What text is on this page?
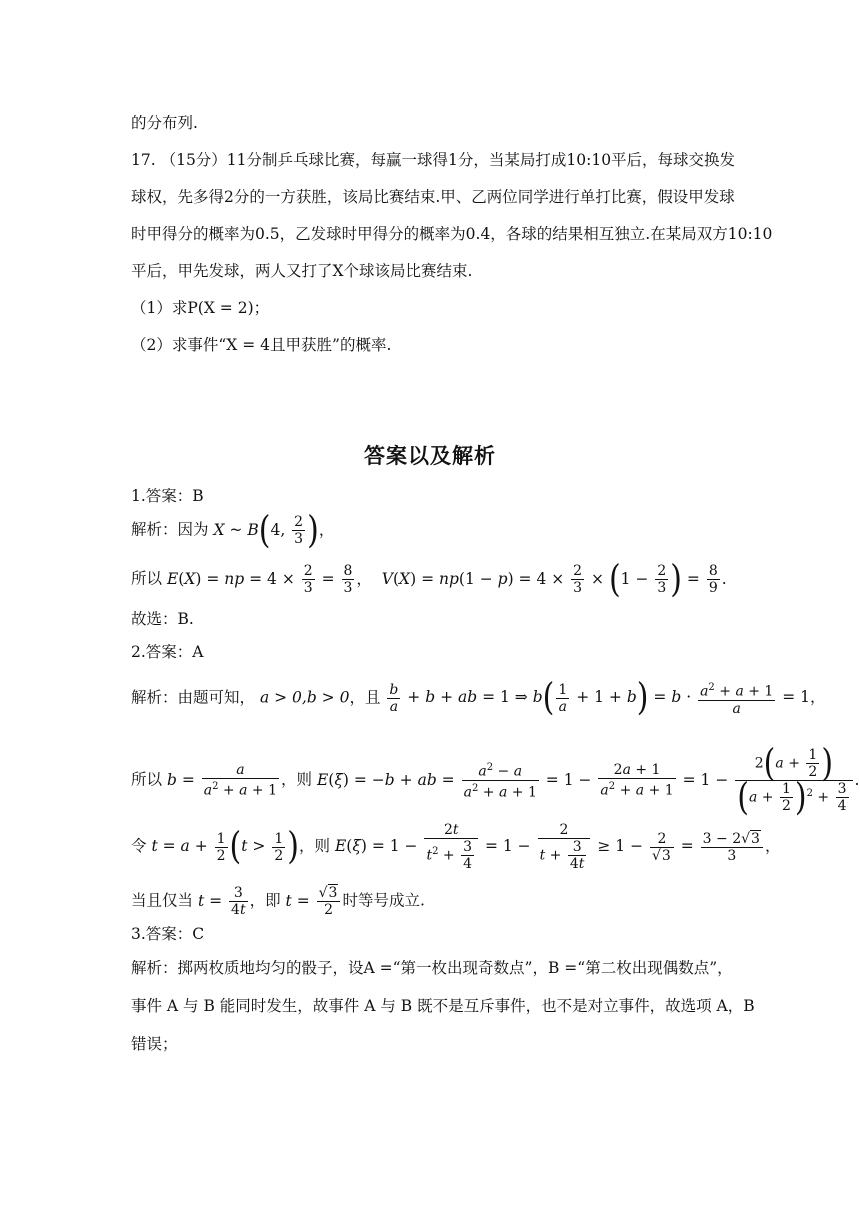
的分布列.
17. （15分）11分制乒乓球比赛，每赢一球得1分，当某局打成10:10平后，每球交换发
球权，先多得2分的一方获胜，该局比赛结束.甲、乙两位同学进行单打比赛，假设甲发球
时甲得分的概率为0.5，乙发球时甲得分的概率为0.4，各球的结果相互独立.在某局双方10:10
平后，甲先发球，两人又打了X个球该局比赛结束.
（1）求P(X = 2)；
（2）求事件“X = 4且甲获胜”的概率.
答案以及解析
1.答案：B
解析：因为 X ~ B(4, $\frac{2}{3}$ )，
所以 E(X) = np = $4 \times \frac{2}{3} = \frac{8}{3}$ ，  $V(X) = np(1 - p) = 4 \times \frac{2}{3} \times (1 - \frac{2}{3}$ ) = $\frac{8}{9}$ .
故选：B.
2.答案：A
解析：由题可知， a > 0,b > 0，且 $\frac{b}{a} + b$ + ab = 1 ⇒ $b( \frac{1}{a} + 1 + b) = b \cdot \frac{a^2 + a + 1}{a} = 1$，
所以 $b = \frac{a}{a^2 + a + 1}$ ，则 E(ξ) = −b + ab = $\frac{a^2 - a}{a^2 + a + 1} = 1 - \frac{2a + 1}{a^2 + a + 1} = 1 - \frac{2(a + \frac{1}{2} )}{(a + \frac{1}{2} )^2 + \frac{3}{4}}$ .
令 $t = a + \frac{1}{2} (t > \frac{1}{2}$ )，则 $E(\xi) = 1 - \frac{2t}{t^2 + \frac{3}{4}} = 1 - \frac{2}{t + \frac{3}{4t}} \ge 1 - \frac{2}{√3} = \frac{3 - 2√3}{3}$ ，
当且仅当 $t = \frac{3}{4t}$ ，即 $t = \frac{√3}{2}$ 时等号成立.
3.答案：C
解析：掷两枚质地均匀的骰子，设A =“第一枚出现奇数点”，B =“第二枚出现偶数点”，
事件 A 与 B 能同时发生，故事件 A 与 B 既不是互斥事件，也不是对立事件，故选项 A，B
错误；
